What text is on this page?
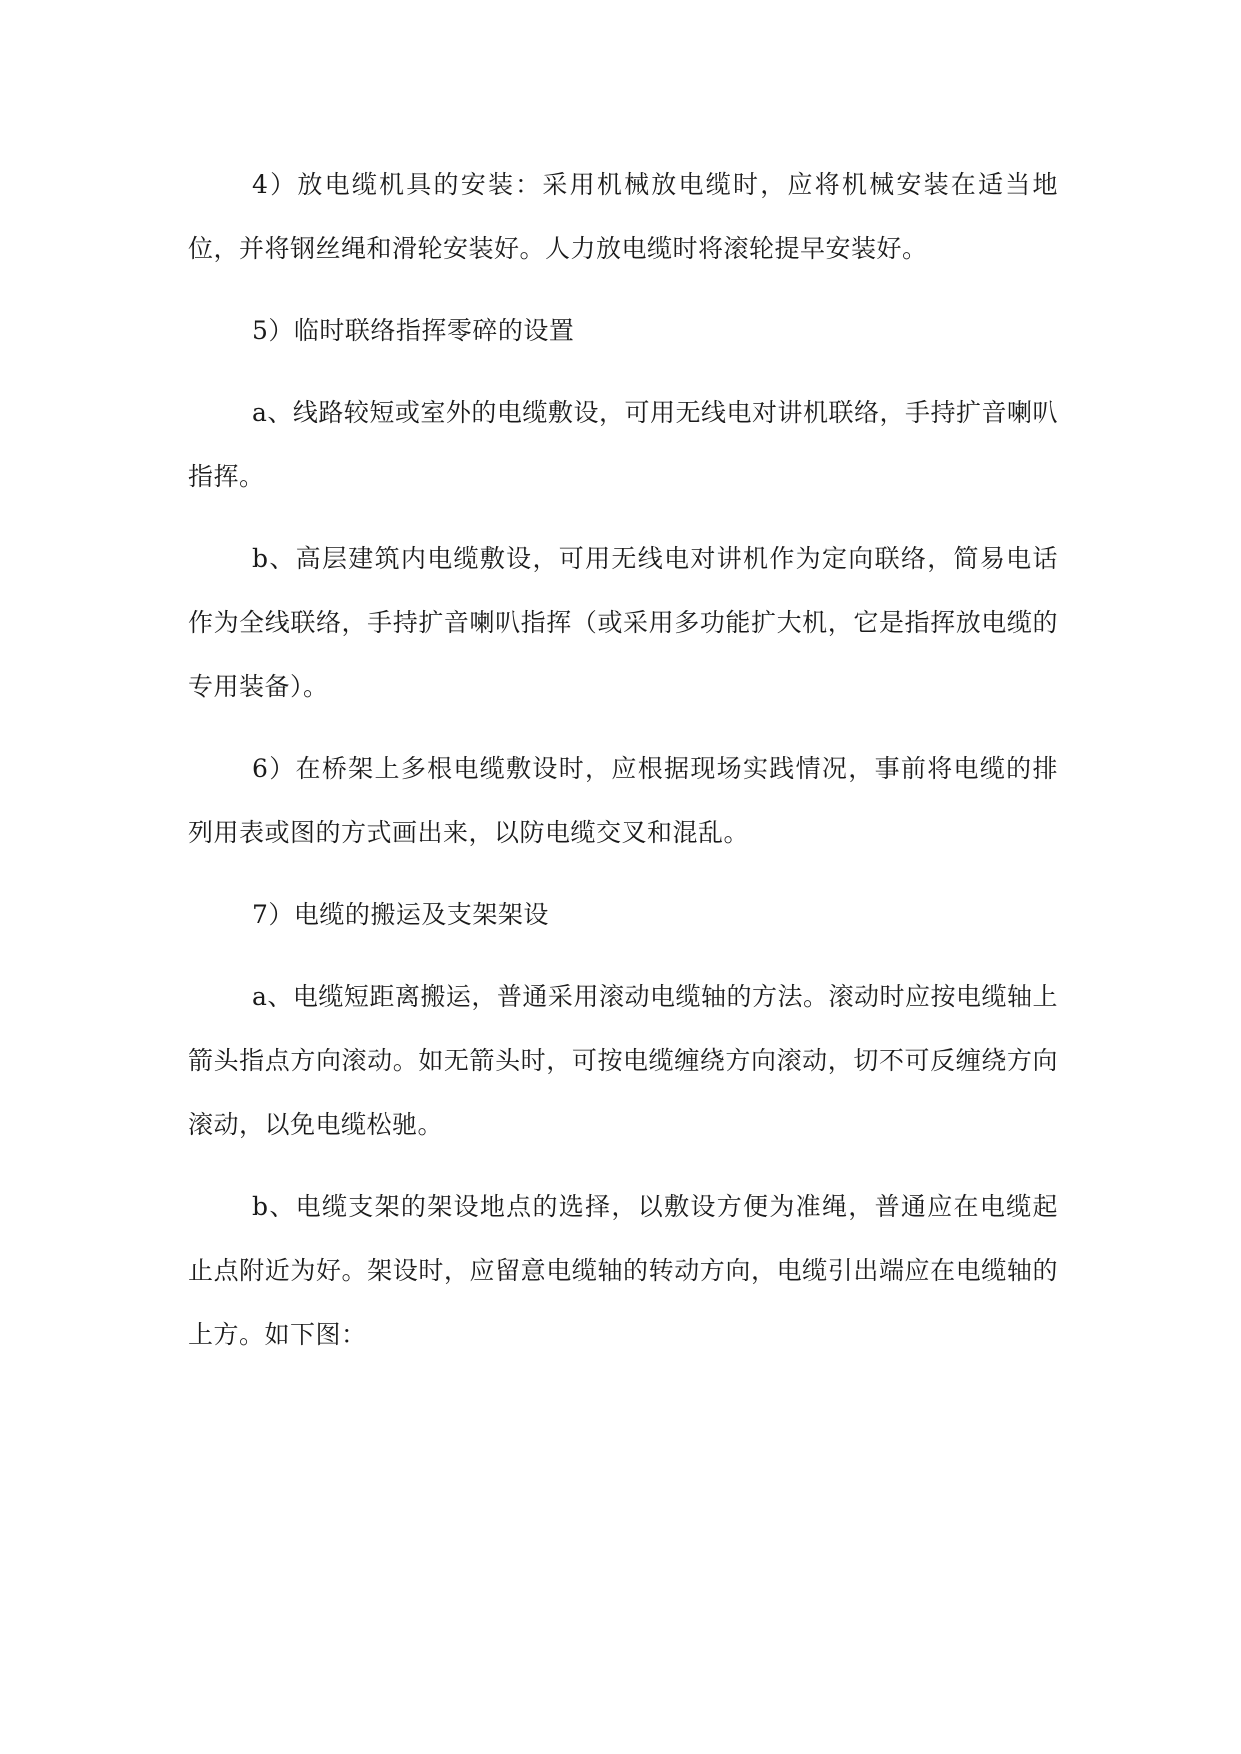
4）放电缆机具的安装：采用机械放电缆时，应将机械安装在适当地位，并将钢丝绳和滑轮安装好。人力放电缆时将滚轮提早安装好。

5）临时联络指挥零碎的设置

a、线路较短或室外的电缆敷设，可用无线电对讲机联络，手持扩音喇叭指挥。

b、高层建筑内电缆敷设，可用无线电对讲机作为定向联络，简易电话作为全线联络，手持扩音喇叭指挥（或采用多功能扩大机，它是指挥放电缆的专用装备）。

6）在桥架上多根电缆敷设时，应根据现场实践情况，事前将电缆的排列用表或图的方式画出来，以防电缆交叉和混乱。

7）电缆的搬运及支架架设

a、电缆短距离搬运，普通采用滚动电缆轴的方法。滚动时应按电缆轴上箭头指点方向滚动。如无箭头时，可按电缆缠绕方向滚动，切不可反缠绕方向滚动，以免电缆松驰。

b、电缆支架的架设地点的选择，以敷设方便为准绳，普通应在电缆起止点附近为好。架设时，应留意电缆轴的转动方向，电缆引出端应在电缆轴的上方。如下图：
